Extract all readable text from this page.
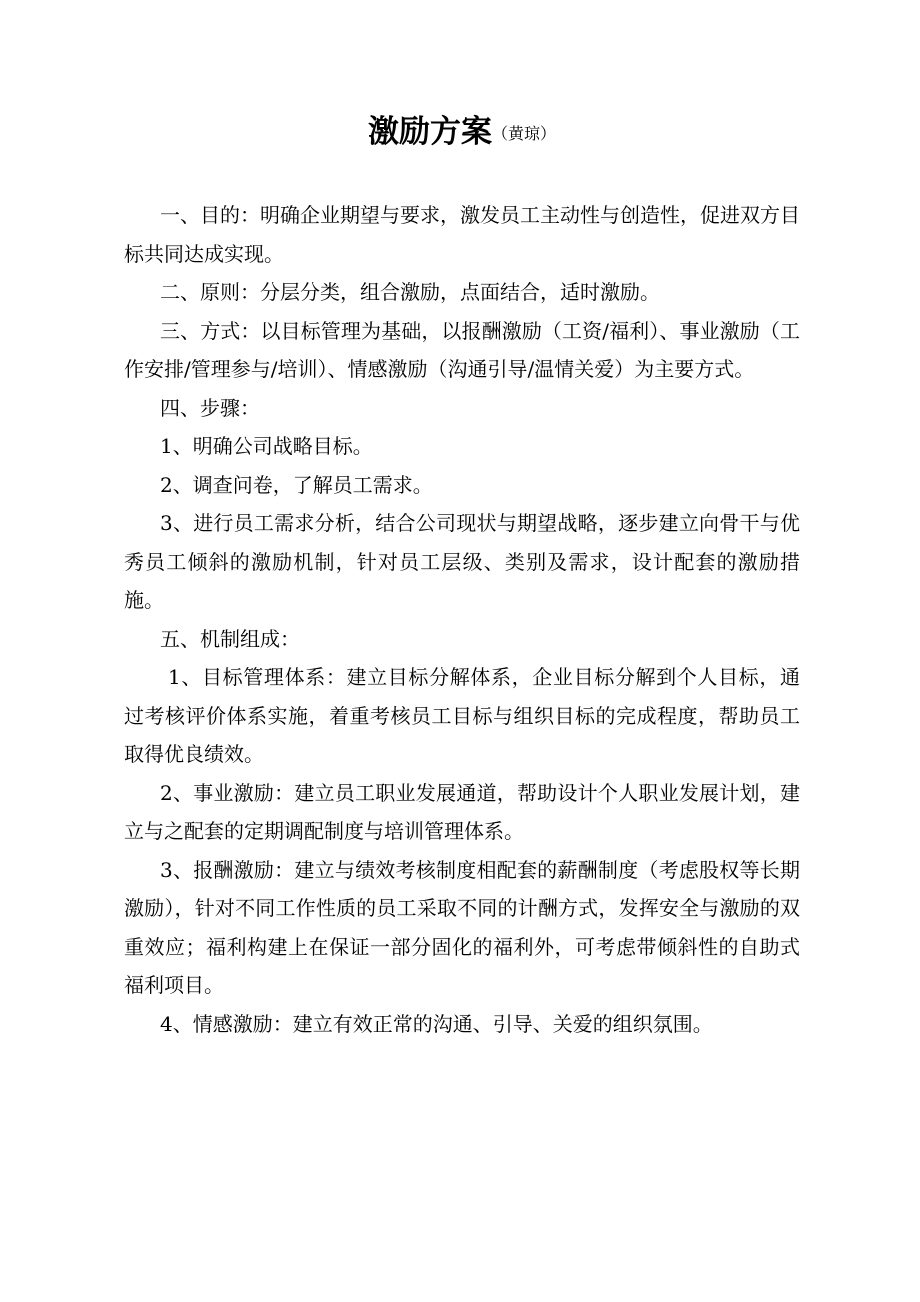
激励方案（黄琼）

一、目的：明确企业期望与要求，激发员工主动性与创造性，促进双方目标共同达成实现。

二、原则：分层分类，组合激励，点面结合，适时激励。

三、方式：以目标管理为基础，以报酬激励（工资/福利）、事业激励（工作安排/管理参与/培训）、情感激励（沟通引导/温情关爱）为主要方式。

四、步骤：

1、明确公司战略目标。

2、调查问卷，了解员工需求。

3、进行员工需求分析，结合公司现状与期望战略，逐步建立向骨干与优秀员工倾斜的激励机制，针对员工层级、类别及需求，设计配套的激励措施。

五、机制组成：

1、目标管理体系：建立目标分解体系，企业目标分解到个人目标，通过考核评价体系实施，着重考核员工目标与组织目标的完成程度，帮助员工取得优良绩效。

2、事业激励：建立员工职业发展通道，帮助设计个人职业发展计划，建立与之配套的定期调配制度与培训管理体系。

3、报酬激励：建立与绩效考核制度相配套的薪酬制度（考虑股权等长期激励），针对不同工作性质的员工采取不同的计酬方式，发挥安全与激励的双重效应；福利构建上在保证一部分固化的福利外，可考虑带倾斜性的自助式福利项目。

4、情感激励：建立有效正常的沟通、引导、关爱的组织氛围。
